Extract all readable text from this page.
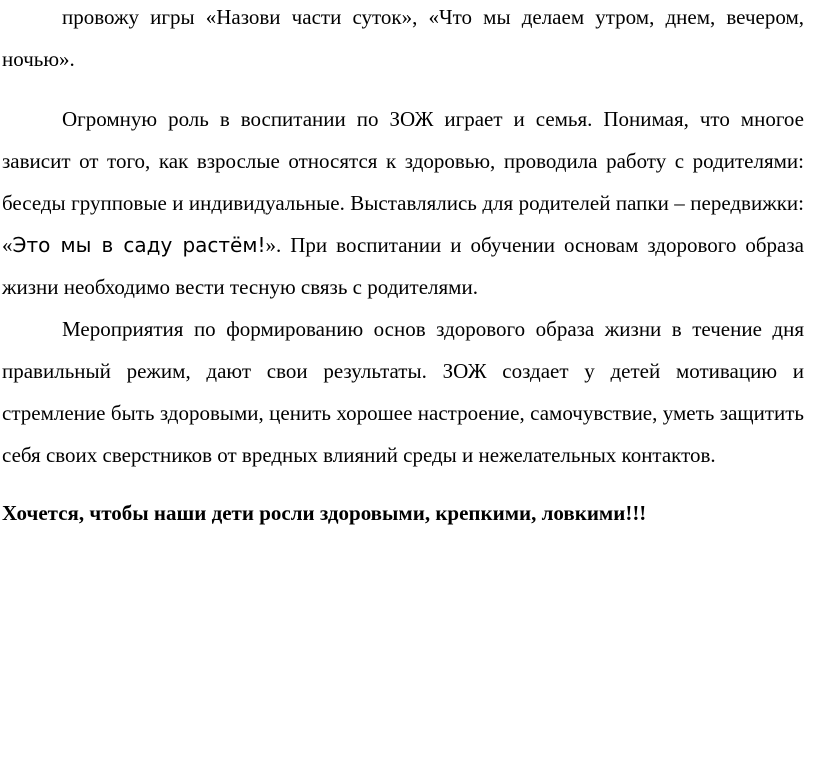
провожу игры «Назови части суток», «Что мы делаем утром, днем, вечером, ночью».

Огромную роль в воспитании по ЗОЖ играет и семья. Понимая, что многое зависит от того, как взрослые относятся к здоровью, проводила работу с родителями: беседы групповые и индивидуальные. Выставлялись для родителей папки – передвижки: «Это мы в саду растём!». При воспитании и обучении основам здорового образа жизни необходимо вести тесную связь с родителями.

Мероприятия по формированию основ здорового образа жизни в течение дня правильный режим, дают свои результаты. ЗОЖ создает у детей мотивацию и стремление быть здоровыми, ценить хорошее настроение, самочувствие, уметь защитить себя своих сверстников от вредных влияний среды и нежелательных контактов.

Хочется, чтобы наши дети росли здоровыми, крепкими, ловкими!!!
